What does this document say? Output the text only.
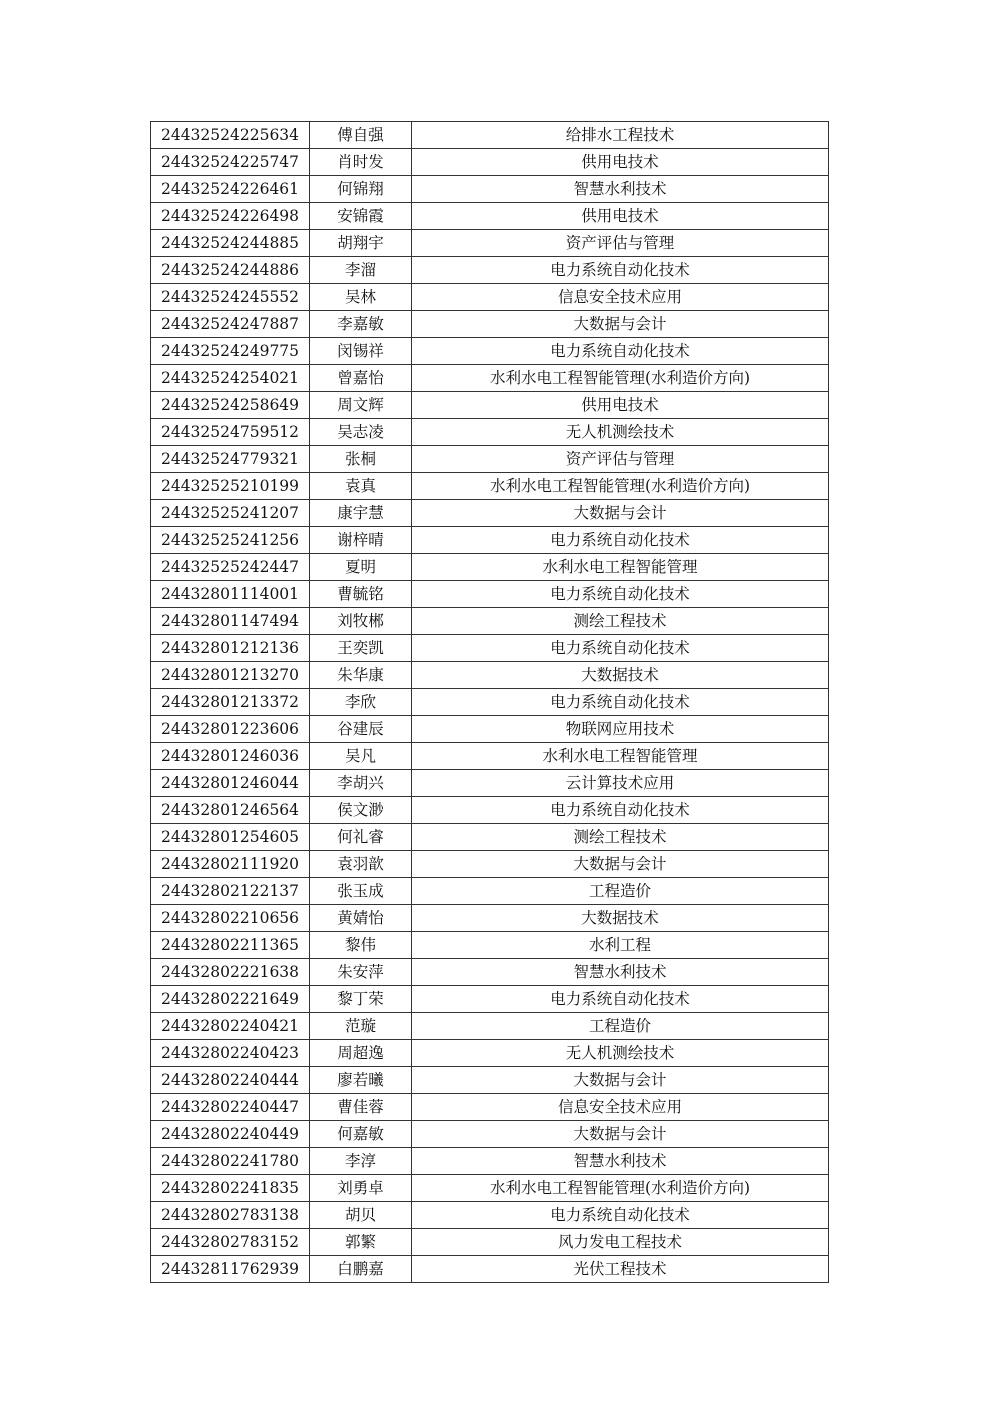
24432524225634	傅自强	给排水工程技术
24432524225747	肖时发	供用电技术
24432524226461	何锦翔	智慧水利技术
24432524226498	安锦霞	供用电技术
24432524244885	胡翔宇	资产评估与管理
24432524244886	李溜	电力系统自动化技术
24432524245552	吴林	信息安全技术应用
24432524247887	李嘉敏	大数据与会计
24432524249775	闵锡祥	电力系统自动化技术
24432524254021	曾嘉怡	水利水电工程智能管理(水利造价方向)
24432524258649	周文辉	供用电技术
24432524759512	吴志凌	无人机测绘技术
24432524779321	张桐	资产评估与管理
24432525210199	袁真	水利水电工程智能管理(水利造价方向)
24432525241207	康宇慧	大数据与会计
24432525241256	谢梓晴	电力系统自动化技术
24432525242447	夏明	水利水电工程智能管理
24432801114001	曹毓铭	电力系统自动化技术
24432801147494	刘牧郴	测绘工程技术
24432801212136	王奕凯	电力系统自动化技术
24432801213270	朱华康	大数据技术
24432801213372	李欣	电力系统自动化技术
24432801223606	谷建辰	物联网应用技术
24432801246036	吴凡	水利水电工程智能管理
24432801246044	李胡兴	云计算技术应用
24432801246564	侯文渺	电力系统自动化技术
24432801254605	何礼睿	测绘工程技术
24432802111920	袁羽歆	大数据与会计
24432802122137	张玉成	工程造价
24432802210656	黄婧怡	大数据技术
24432802211365	黎伟	水利工程
24432802221638	朱安萍	智慧水利技术
24432802221649	黎丁荣	电力系统自动化技术
24432802240421	范璇	工程造价
24432802240423	周超逸	无人机测绘技术
24432802240444	廖若曦	大数据与会计
24432802240447	曹佳蓉	信息安全技术应用
24432802240449	何嘉敏	大数据与会计
24432802241780	李淳	智慧水利技术
24432802241835	刘勇卓	水利水电工程智能管理(水利造价方向)
24432802783138	胡贝	电力系统自动化技术
24432802783152	郭繁	风力发电工程技术
24432811762939	白鹏嘉	光伏工程技术
